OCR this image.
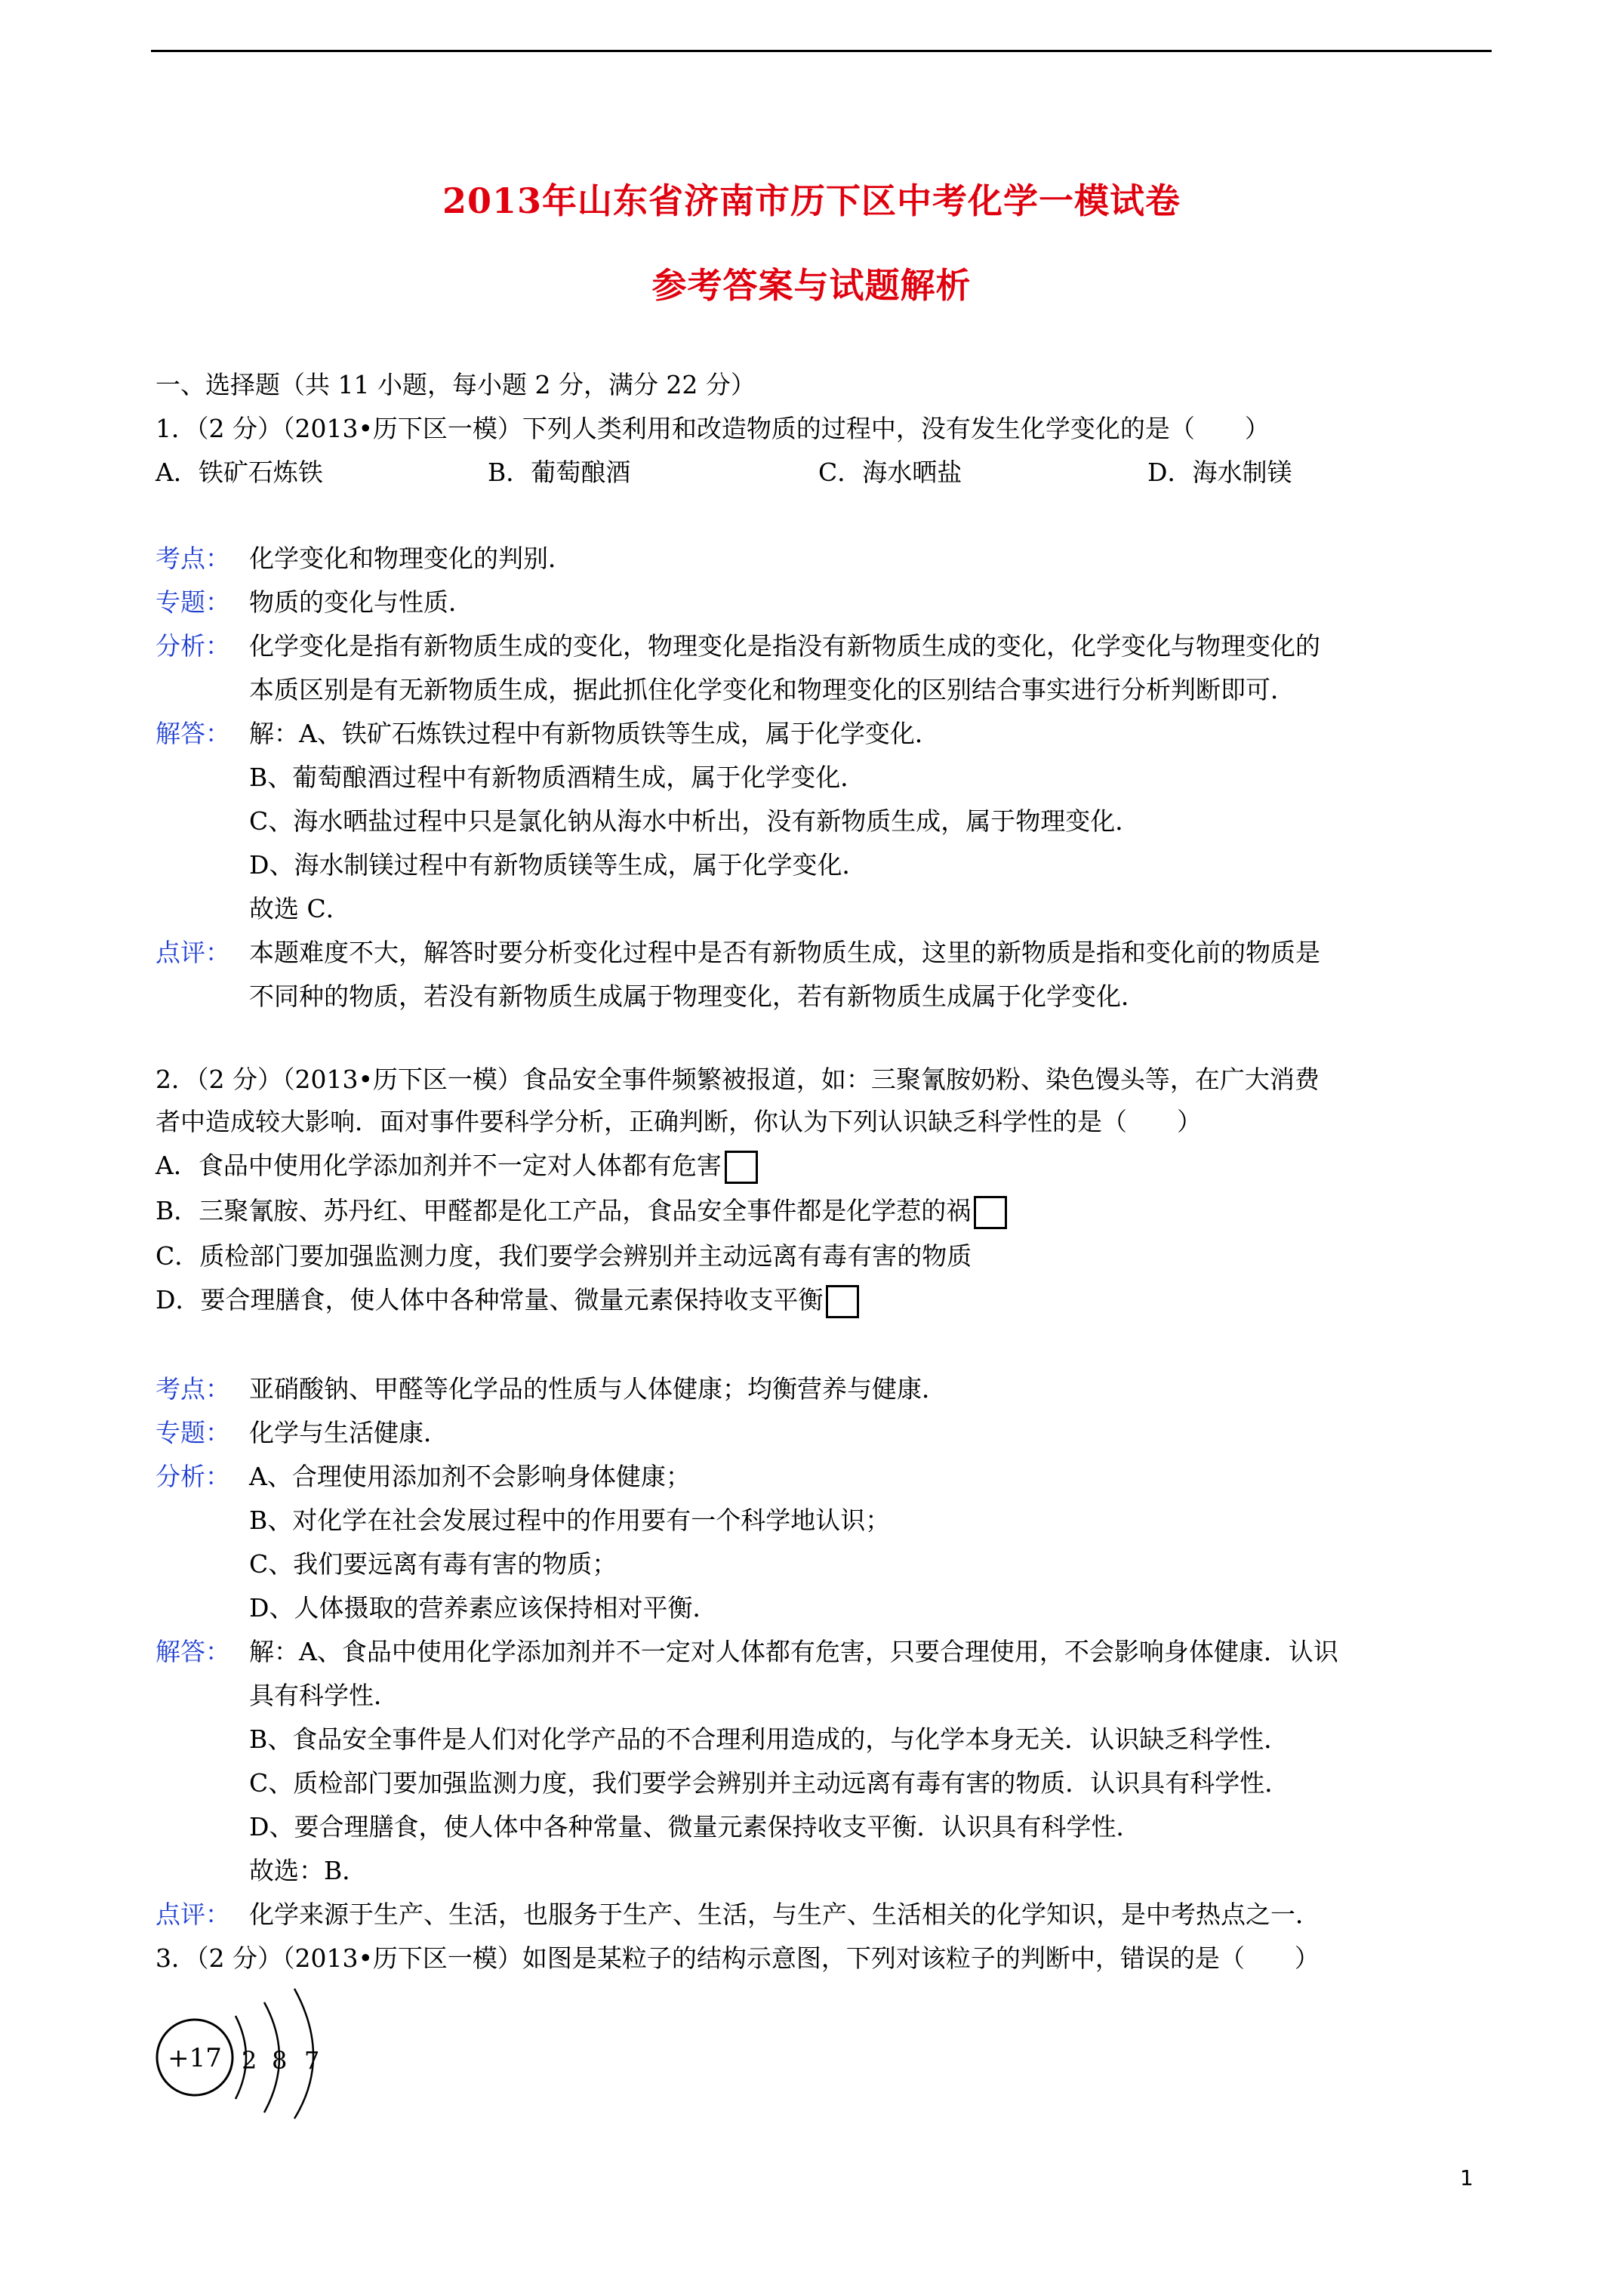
2013年山东省济南市历下区中考化学一模试卷
参考答案与试题解析
一、选择题（共 11 小题，每小题 2 分，满分 22 分）
1．（2 分）（2013•历下区一模）下列人类利用和改造物质的过程中，没有发生化学变化的是（　　）
A．铁矿石炼铁	B．葡萄酿酒	C．海水晒盐	D．海水制镁
考点： 化学变化和物理变化的判别．
专题： 物质的变化与性质．
分析： 化学变化是指有新物质生成的变化，物理变化是指没有新物质生成的变化，化学变化与物理变化的
本质区别是有无新物质生成，据此抓住化学变化和物理变化的区别结合事实进行分析判断即可．
解答： 解：A、铁矿石炼铁过程中有新物质铁等生成，属于化学变化．
B、葡萄酿酒过程中有新物质酒精生成，属于化学变化．
C、海水晒盐过程中只是氯化钠从海水中析出，没有新物质生成，属于物理变化．
D、海水制镁过程中有新物质镁等生成，属于化学变化．
故选 C．
点评： 本题难度不大，解答时要分析变化过程中是否有新物质生成，这里的新物质是指和变化前的物质是
不同种的物质，若没有新物质生成属于物理变化，若有新物质生成属于化学变化．
2．（2 分）（2013•历下区一模）食品安全事件频繁被报道，如：三聚氰胺奶粉、染色馒头等，在广大消费
者中造成较大影响．面对事件要科学分析，正确判断，你认为下列认识缺乏科学性的是（　　）
A．食品中使用化学添加剂并不一定对人体都有危害
B．三聚氰胺、苏丹红、甲醛都是化工产品，食品安全事件都是化学惹的祸
C．质检部门要加强监测力度，我们要学会辨别并主动远离有毒有害的物质
D．要合理膳食，使人体中各种常量、微量元素保持收支平衡
考点： 亚硝酸钠、甲醛等化学品的性质与人体健康；均衡营养与健康．
专题： 化学与生活健康．
分析： A、合理使用添加剂不会影响身体健康；
B、对化学在社会发展过程中的作用要有一个科学地认识；
C、我们要远离有毒有害的物质；
D、人体摄取的营养素应该保持相对平衡．
解答： 解：A、食品中使用化学添加剂并不一定对人体都有危害，只要合理使用，不会影响身体健康．认识
具有科学性．
B、食品安全事件是人们对化学产品的不合理利用造成的，与化学本身无关．认识缺乏科学性．
C、质检部门要加强监测力度，我们要学会辨别并主动远离有毒有害的物质．认识具有科学性．
D、要合理膳食，使人体中各种常量、微量元素保持收支平衡．认识具有科学性．
故选：B．
点评： 化学来源于生产、生活，也服务于生产、生活，与生产、生活相关的化学知识，是中考热点之一．
3．（2 分）（2013•历下区一模）如图是某粒子的结构示意图，下列对该粒子的判断中，错误的是（　　）
+17 2 8 7
1
